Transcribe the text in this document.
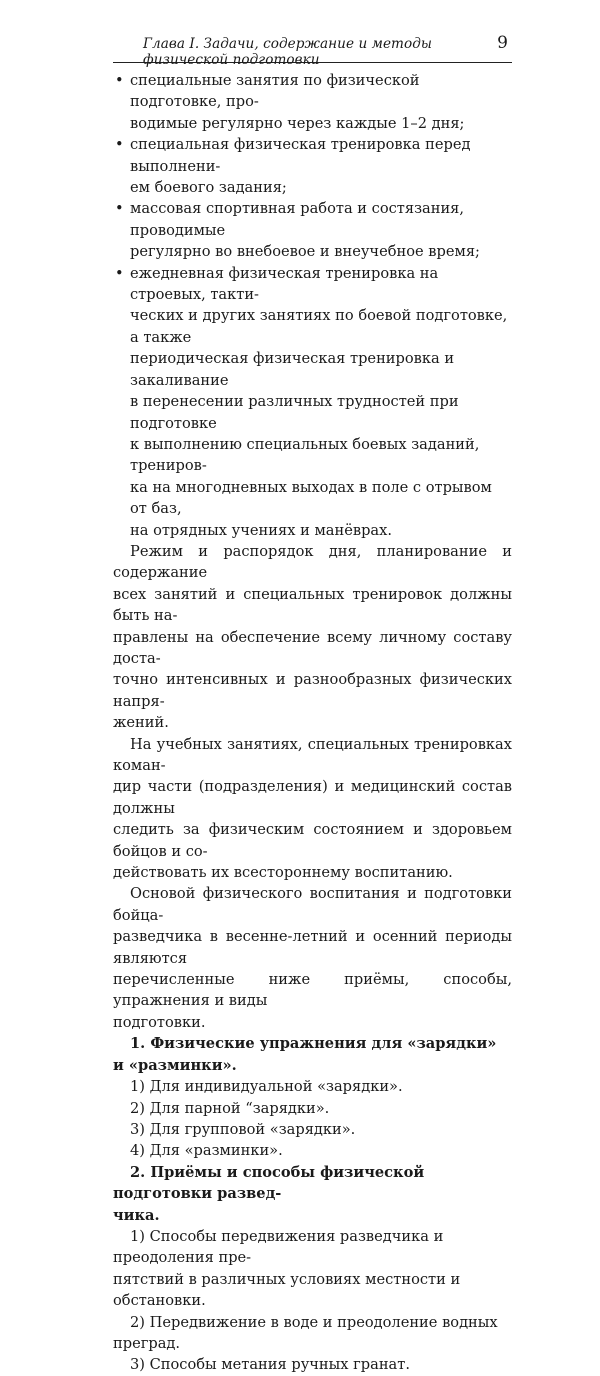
Глава I. Задачи, содержание и методы физической подготовки
9
• специальные занятия по физической подготовке, про-
водимые регулярно через каждые 1–2 дня;
• специальная физическая тренировка перед выполнени-
ем боевого задания;
• массовая спортивная работа и состязания, проводимые
регулярно во внебоевое и внеучебное время;
• ежедневная физическая тренировка на строевых, такти-
ческих и других занятиях по боевой подготовке, а также
периодическая физическая тренировка и закаливание
в перенесении различных трудностей при подготовке
к выполнению специальных боевых заданий, трениров-
ка на многодневных выходах в поле с отрывом от баз,
на отрядных учениях и манёврах.

Режим и распорядок дня, планирование и содержание
всех занятий и специальных тренировок должны быть на-
правлены на обеспечение всему личному составу доста-
точно интенсивных и разнообразных физических напря-
жений.

На учебных занятиях, специальных тренировках коман-
дир части (подразделения) и медицинский состав должны
следить за физическим состоянием и здоровьем бойцов и со-
действовать их всестороннему воспитанию.

Основой физического воспитания и подготовки бойца-
разведчика в весенне-летний и осенний периоды являются
перечисленные ниже приёмы, способы, упражнения и виды
подготовки.

1. Физические упражнения для «зарядки» и «разминки».

1) Для индивидуальной «зарядки».

2) Для парной “зарядки».

3) Для групповой «зарядки».

4) Для «разминки».

2. Приёмы и способы физической подготовки развед-
чика.

1) Способы передвижения разведчика и преодоления пре-
пятствий в различных условиях местности и обстановки.

2) Передвижение в воде и преодоление водных преград.

3) Способы метания ручных гранат.
